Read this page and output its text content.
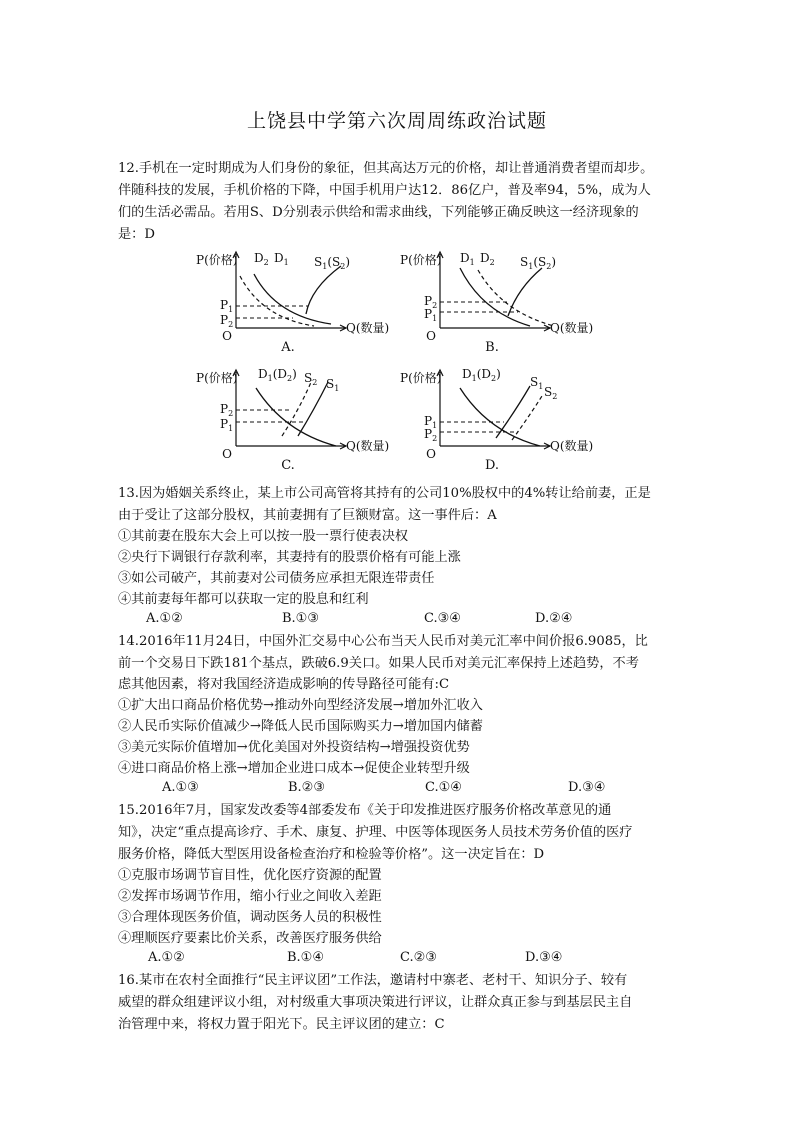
上饶县中学第六次周周练政治试题
12.手机在一定时期成为人们身份的象征，但其高达万元的价格，却让普通消费者望而却步。
伴随科技的发展，手机价格的下降，中国手机用户达12．86亿户，普及率94，5%，成为人
们的生活必需品。若用S、D分别表示供给和需求曲线，下列能够正确反映这一经济现象的
是：D
P(价格)
O
Q(数量)
$P_1$
$P_2$
$D_2$ $D_1$ $S_1(S_2)$
A.
P(价格)
O
Q(数量)
$P_2$
$P_1$
$D_1$ $D_2$ $S_1(S_2)$
B.
P(价格)
O
Q(数量)
$P_2$
$P_1$
$D_1(D_2)$ $S_2$ $S_1$
C.
P(价格)
O
Q(数量)
$P_1$
$P_2$
$D_1(D_2)$
$S_1$ $S_2$
D.
13.因为婚姻关系终止，某上市公司高管将其持有的公司10%股权中的4%转让给前妻，正是
由于受让了这部分股权，其前妻拥有了巨额财富。这一事件后：A
①其前妻在股东大会上可以按一股一票行使表决权
②央行下调银行存款利率，其妻持有的股票价格有可能上涨
③如公司破产，其前妻对公司债务应承担无限连带责任
④其前妻每年都可以获取一定的股息和红利
A.①②	B.①③	C.③④	D.②④
14.2016年11月24日，中国外汇交易中心公布当天人民币对美元汇率中间价报6.9085，比
前一个交易日下跌181个基点，跌破6.9关口。如果人民币对美元汇率保持上述趋势，不考
虑其他因素，将对我国经济造成影响的传导路径可能有:C
①扩大出口商品价格优势→推动外向型经济发展→增加外汇收入
②人民币实际价值减少→降低人民币国际购买力→增加国内储蓄
③美元实际价值增加→优化美国对外投资结构→增强投资优势
④进口商品价格上涨→增加企业进口成本→促使企业转型升级
A.①③	B.②③	C.①④	D.③④
15.2016年7月，国家发改委等4部委发布《关于印发推进医疗服务价格改革意见的通
知》，决定“重点提高诊疗、手术、康复、护理、中医等体现医务人员技术劳务价值的医疗
服务价格，降低大型医用设备检查治疗和检验等价格”。这一决定旨在：D
①克服市场调节盲目性，优化医疗资源的配置
②发挥市场调节作用，缩小行业之间收入差距
③合理体现医务价值，调动医务人员的积极性
④理顺医疗要素比价关系，改善医疗服务供给
A.①②	B.①④	C.②③	D.③④
16.某市在农村全面推行“民主评议团”工作法，邀请村中寨老、老村干、知识分子、较有
威望的群众组建评议小组，对村级重大事项决策进行评议，让群众真正参与到基层民主自
治管理中来，将权力置于阳光下。民主评议团的建立：C
